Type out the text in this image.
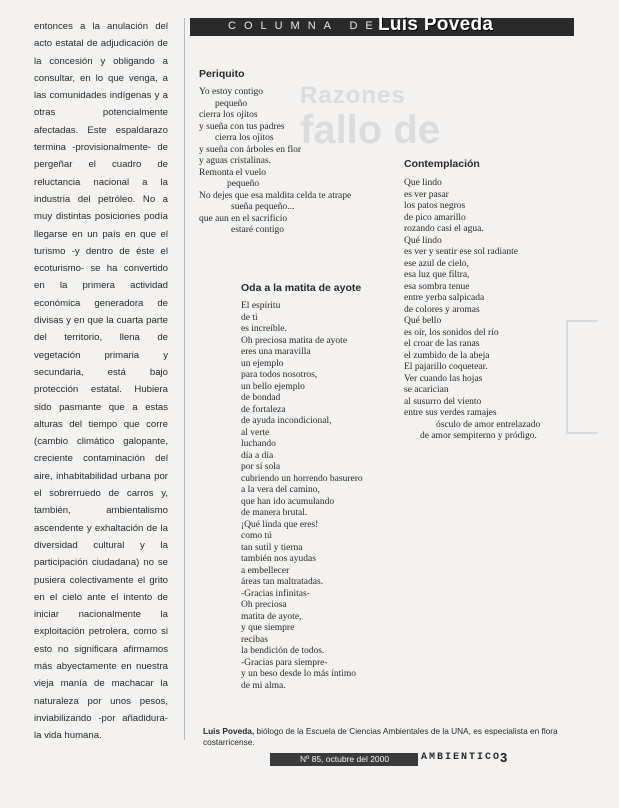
entonces a la anulación del acto estatal de adjudicación de la concesión y obligando a consultar, en lo que venga, a las comunidades indígenas y a otras potencialmente afectadas. Este espaldarazo termina -provisionalmente- de pergeñar el cuadro de reluctancia nacional a la industria del petróleo. No a muy distintas posiciones podía llegarse en un país en que el turismo -y dentro de éste el ecoturismo- se ha convertido en la primera actividad económica generadora de divisas y en que la cuarta parte del territorio, llena de vegetación primaria y secundaria, está bajo protección estatal. Hubiera sido pasmante que a estas alturas del tiempo que corre (cambio climático galopante, creciente contaminación del aire, inhabitabilidad urbana por el sobrerruedo de carros y, también, ambientalismo ascendente y exhaltación de la diversidad cultural y la participación ciudadana) no se pusiera colectivamente el grito en el cielo ante el intento de iniciar nacionalmente la exploitación petrolera, como si esto no significara afirmamos más abyectamente en nuestra vieja manía de machacar la naturaleza por unos pesos, inviabilizando -por añadidura- la vida humana.
COLUMNA DE
Luis Poveda
Razones
fallo de
Periquito
Yo estoy contigo
pequeño
cierra los ojitos
y sueña con tus padres
cierra los ojitos
y sueña con árboles en flor
y aguas cristalinas.
Remonta el vuelo
pequeño
No dejes que esa maldita celda te atrape
sueña pequeño...
que aun en el sacrificio
estaré contigo
Contemplación
Que lindo
es ver pasar
los patos negros
de pico amarillo
rozando casi el agua.
Qué lindo
es ver y sentir ese sol radiante
ese azul de cielo,
esa luz que filtra,
esa sombra tenue
entre yerba salpicada
de colores y aromas
Qué bello
es oír, los sonidos del río
el croar de las ranas
el zumbido de la abeja
El pajarillo coquetear.
Ver cuando las hojas
se acarician
al susurro del viento
entre sus verdes ramajes
ósculo de amor entrelazado
de amor sempiterno y pródigo.
Oda a la matita de ayote
El espíritu
de ti
es increíble.
Oh preciosa matita de ayote
eres una maravilla
un ejemplo
para todos nosotros,
un bello ejemplo
de bondad
de fortaleza
de ayuda incondicional,
al verte
luchando
día a día
por sí sola
cubriendo un horrendo basurero
a la vera del camino,
que han ido acumulando
de manera brutal.
¡Qué linda que eres!
como tú
tan sutil y tierna
también nos ayudas
a embellecer
áreas tan maltratadas.
-Gracias infinitas-
Oh preciosa
matita de ayote,
y que siempre
recibas
la bendición de todos.
-Gracias para siempre-
y un beso desde lo más íntimo
de mi alma.
Luis Poveda, biólogo de la Escuela de Ciencias Ambientales de la UNA, es especialista en flora costarricense.
Nº 85, octubre del 2000	AMBIENTICO
3
